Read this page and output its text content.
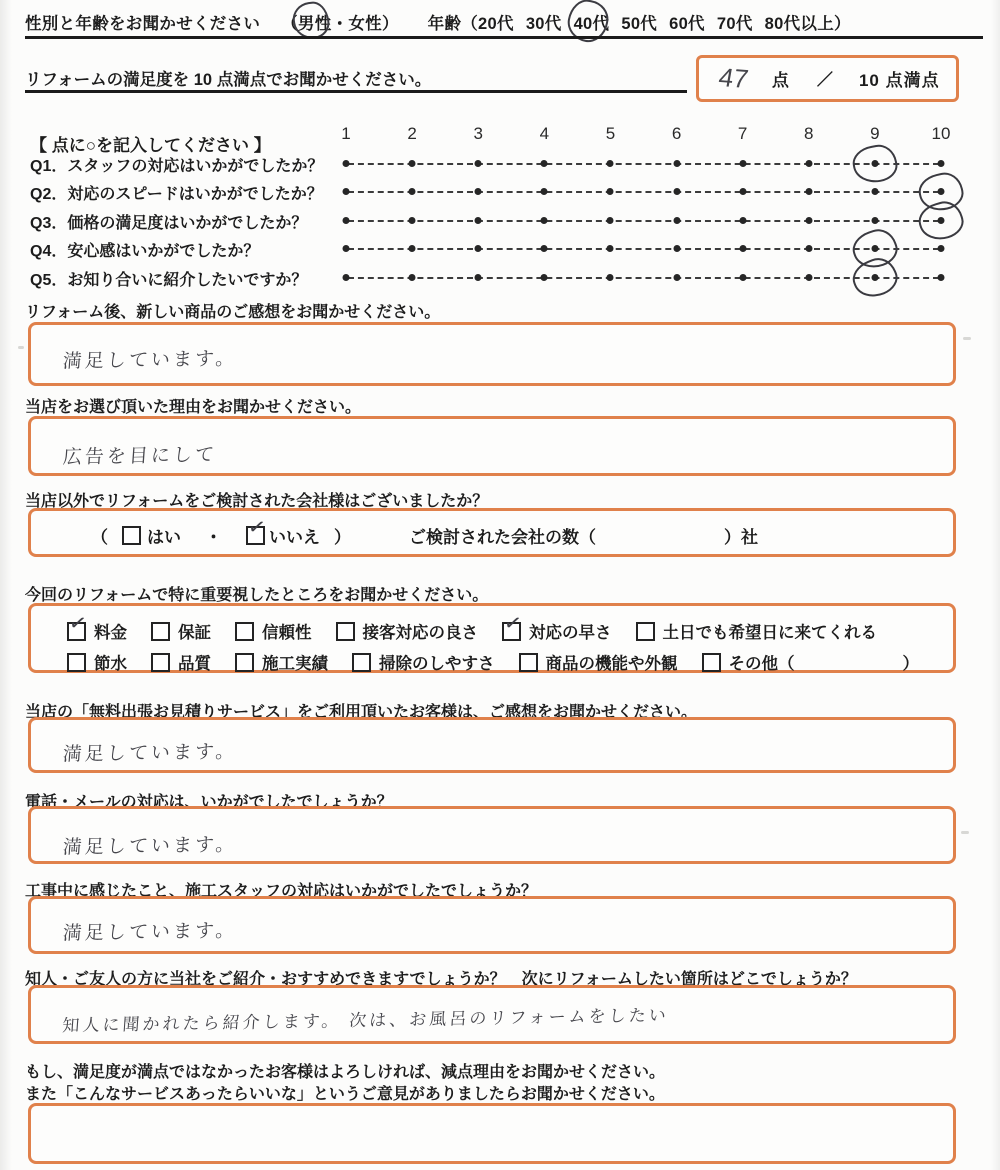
性別と年齢をお聞かせください （男性
・女性） 年齢（20代 30代 40代 50代 60代 70代 80代以上）
リフォームの満足度を 10 点満点でお聞かせください。	47 点 ／ 10 点満点
【 点に○を記入してください 】
1	2	3	4	5	6	7	8	9	10
Q1．スタッフの対応はいかがでしたか？
Q2．対応のスピードはいかがでしたか？
Q3．価格の満足度はいかがでしたか？
Q4．安心感はいかがでしたか？
Q5．お知り合いに紹介したいですか？
リフォーム後、新しい商品のご感想をお聞かせください。
満足しています。
当店をお選び頂いた理由をお聞かせください。
広告を目にして
当店以外でリフォームをご検討された会社様はございましたか？
（ はい ・ ✓ いいえ ）	ご検討された会社の数（	）社
今回のリフォームで特に重要視したところをお聞かせください。
✓ 料金	保証	信頼性	接客対応の良さ ✓ 対応の早さ	土日でも希望日に来てくれる
節水	品質	施工実績	掃除のしやすさ	商品の機能や外観	その他（	）
当店の「無料出張お見積りサービス」をご利用頂いたお客様は、ご感想をお聞かせください。
満足しています。
電話・メールの対応は、いかがでしたでしょうか？
満足しています。
工事中に感じたこと、施工スタッフの対応はいかがでしたでしょうか？
満足しています。
知人・ご友人の方に当社をご紹介・おすすめできますでしょうか？　次にリフォームしたい箇所はどこでしょうか？
知人に聞かれたら紹介します。 次は、お風呂のリフォームをしたい
もし、満足度が満点ではなかったお客様はよろしければ、減点理由をお聞かせください。
また「こんなサービスあったらいいな」というご意見がありましたらお聞かせください。
